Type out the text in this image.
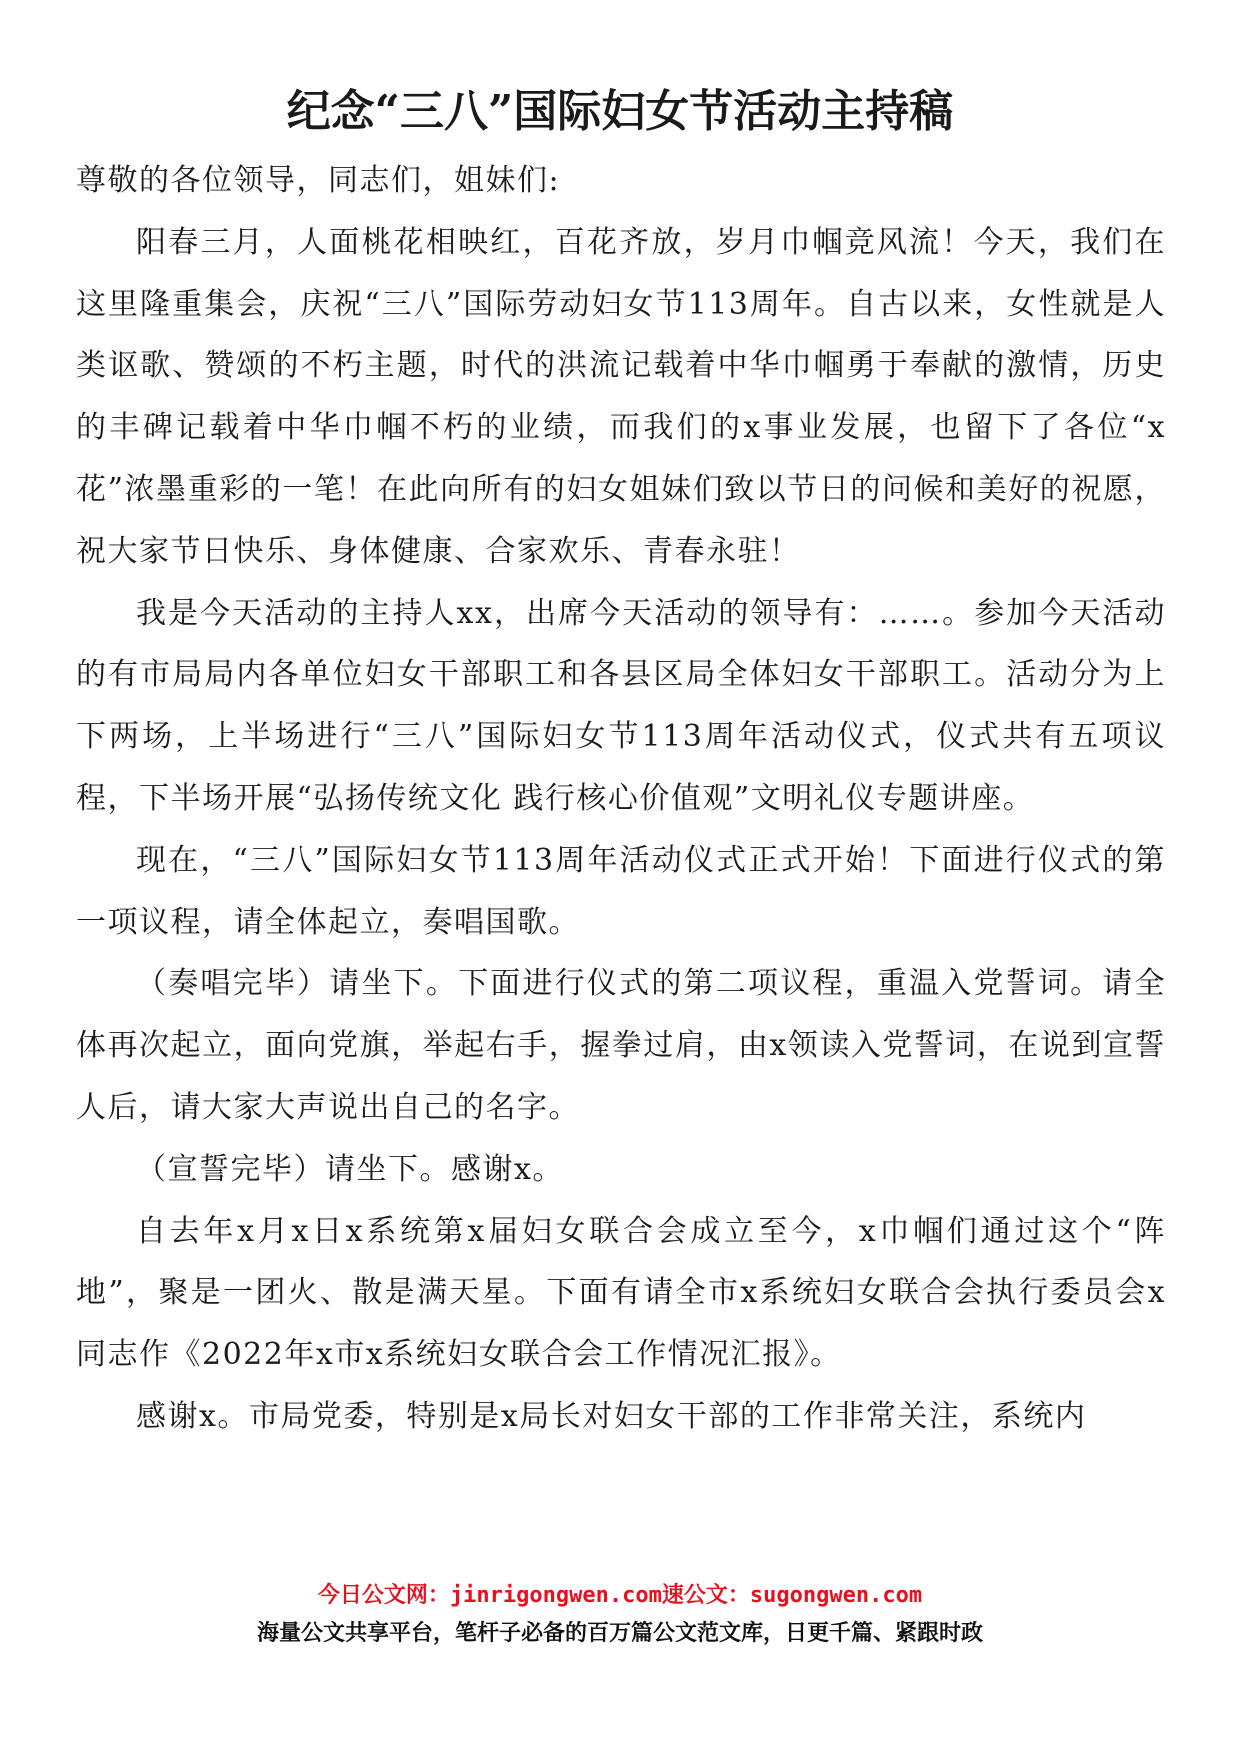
纪念“三八”国际妇女节活动主持稿

尊敬的各位领导，同志们，姐妹们:

阳春三月，人面桃花相映红，百花齐放，岁月巾帼竞风流！今天，我们在这里隆重集会，庆祝“三八”国际劳动妇女节113周年。自古以来，女性就是人类讴歌、赞颂的不朽主题，时代的洪流记载着中华巾帼勇于奉献的激情，历史的丰碑记载着中华巾帼不朽的业绩，而我们的x事业发展，也留下了各位“x花”浓墨重彩的一笔！在此向所有的妇女姐妹们致以节日的问候和美好的祝愿，祝大家节日快乐、身体健康、合家欢乐、青春永驻！

我是今天活动的主持人xx，出席今天活动的领导有：……。参加今天活动的有市局局内各单位妇女干部职工和各县区局全体妇女干部职工。活动分为上下两场，上半场进行“三八”国际妇女节113周年活动仪式，仪式共有五项议程，下半场开展“弘扬传统文化 践行核心价值观”文明礼仪专题讲座。

现在，“三八”国际妇女节113周年活动仪式正式开始！下面进行仪式的第一项议程，请全体起立，奏唱国歌。

（奏唱完毕）请坐下。下面进行仪式的第二项议程，重温入党誓词。请全体再次起立，面向党旗，举起右手，握拳过肩，由x领读入党誓词，在说到宣誓人后，请大家大声说出自己的名字。

（宣誓完毕）请坐下。感谢x。

自去年x月x日x系统第x届妇女联合会成立至今，x巾帼们通过这个“阵地”，聚是一团火、散是满天星。下面有请全市x系统妇女联合会执行委员会x同志作《2022年x市x系统妇女联合会工作情况汇报》。

感谢x。市局党委，特别是x局长对妇女干部的工作非常关注，系统内

今日公文网：jinrigongwen.com速公文：sugongwen.com
海量公文共享平台，笔杆子必备的百万篇公文范文库，日更千篇、紧跟时政
